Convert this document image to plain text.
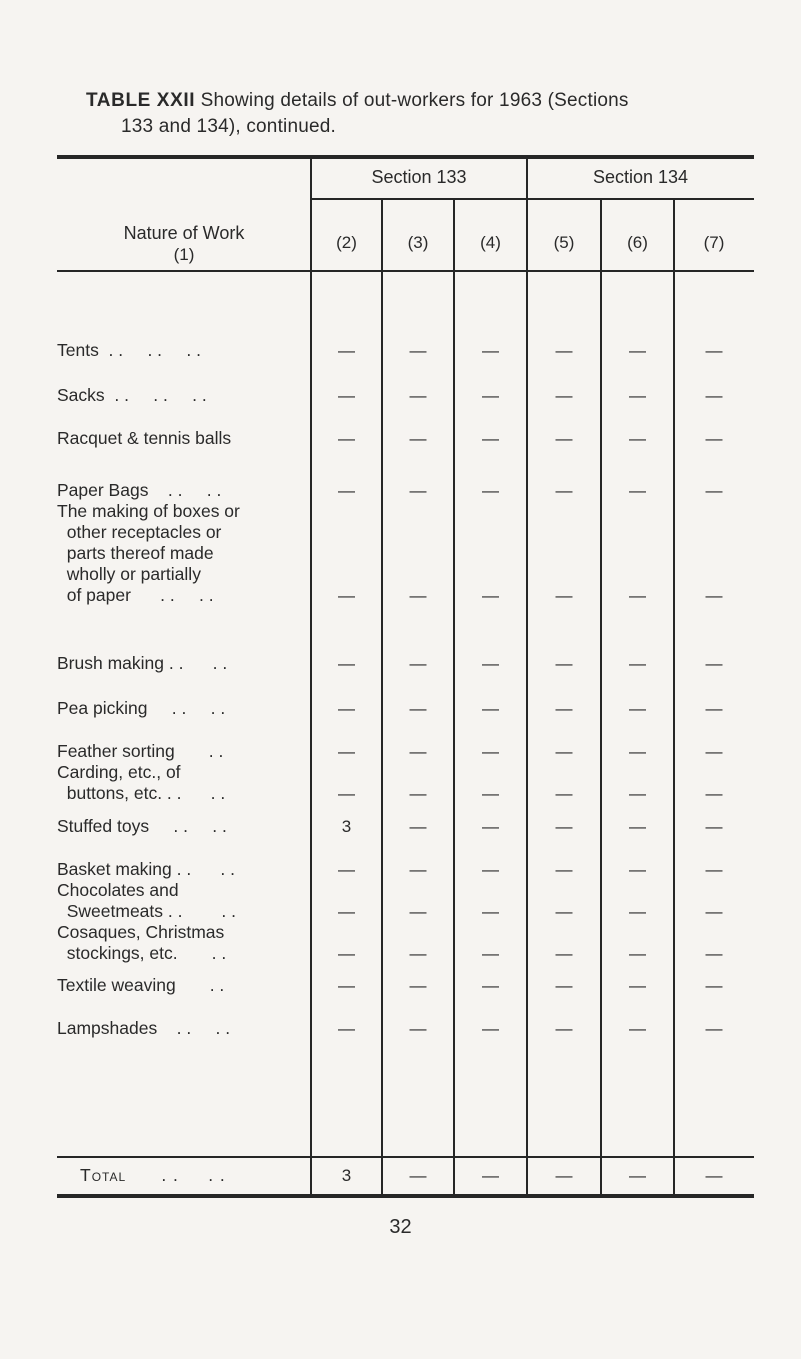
TABLE XXII Showing details of out-workers for 1963 (Sections
133 and 134), continued.
Nature of Work
(1)
Section 133	Section 134
(2)	(3)	(4)	(5)	(6)	(7)
Tents  . .     . .     . .	—	—	—	—	—	—
Sacks  . .     . .     . .	—	—	—	—	—	—
Racquet & tennis balls	—	—	—	—	—	—
Paper Bags    . .     . .	—	—	—	—	—	—
The making of boxes or
other receptacles or
parts thereof made
wholly or partially
of paper      . .     . .	—	—	—	—	—	—
Brush making . .      . .	—	—	—	—	—	—
Pea picking     . .     . .	—	—	—	—	—	—
Feather sorting       . .	—	—	—	—	—	—
Carding, etc., of
buttons, etc. . .      . .	—	—	—	—	—	—
Stuffed toys     . .     . .	3	—	—	—	—	—
Basket making . .      . .	—	—	—	—	—	—
Chocolates and
Sweetmeats . .        . .	—	—	—	—	—	—
Cosaques, Christmas
stockings, etc.       . .	—	—	—	—	—	—
Textile weaving       . .	—	—	—	—	—	—
Lampshades    . .     . .	—	—	—	—	—	—
Total      . .     . .	3	—	—	—	—	—
32
